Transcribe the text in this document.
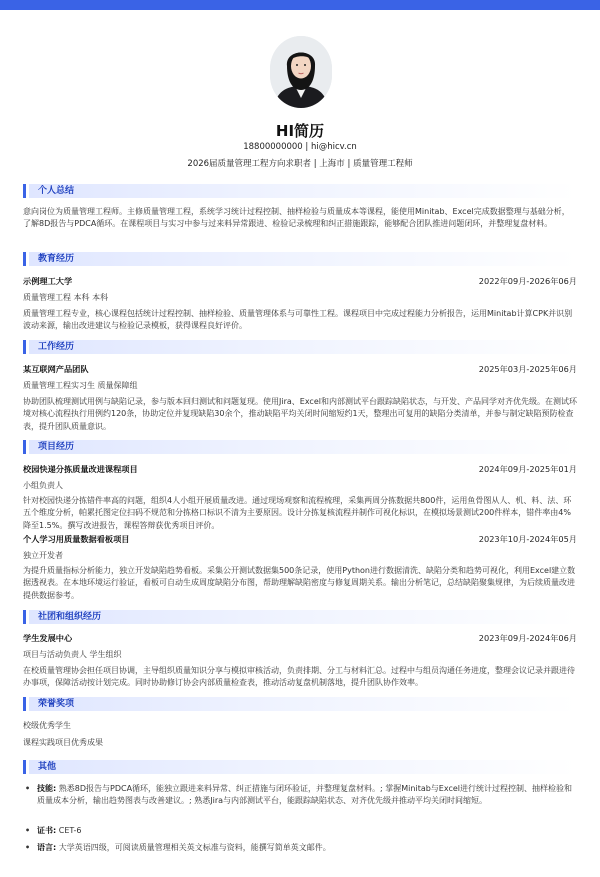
HI简历
18800000000 | hi@hicv.cn
2026届质量管理工程方向求职者 | 上海市 | 质量管理工程师
个人总结
意向岗位为质量管理工程师。主修质量管理工程，系统学习统计过程控制、抽样检验与质量成本等课程，能使用Minitab、Excel完成数据整理与基础分析，了解8D报告与PDCA循环。在课程项目与实习中参与过来料异常跟进、检验记录梳理和纠正措施跟踪，能够配合团队推进问题闭环，并整理复盘材料。
教育经历
示例理工大学	2022年09月-2026年06月
质量管理工程 本科 本科
质量管理工程专业，核心课程包括统计过程控制、抽样检验、质量管理体系与可靠性工程。课程项目中完成过程能力分析报告，运用Minitab计算CPK并识别波动来源，输出改进建议与检验记录模板，获得课程良好评价。
工作经历
某互联网产品团队	2025年03月-2025年06月
质量管理工程实习生 质量保障组
协助团队梳理测试用例与缺陷记录，参与版本回归测试和问题复现。使用Jira、Excel和内部测试平台跟踪缺陷状态，与开发、产品同学对齐优先级。在测试环境对核心流程执行用例约120条，协助定位并复现缺陷30余个，推动缺陷平均关闭时间缩短约1天，整理出可复用的缺陷分类清单，并参与制定缺陷预防检查表，提升团队质量意识。
项目经历
校园快递分拣质量改进课程项目	2024年09月-2025年01月
小组负责人
针对校园快递分拣错件率高的问题，组织4人小组开展质量改进。通过现场观察和流程梳理，采集两周分拣数据共800件，运用鱼骨图从人、机、料、法、环五个维度分析，帕累托图定位扫码不规范和分拣格口标识不清为主要原因。设计分拣复核流程并制作可视化标识，在模拟场景测试200件样本，错件率由4%降至1.5%。撰写改进报告，课程答辩获优秀项目评价。
个人学习用质量数据看板项目	2023年10月-2024年05月
独立开发者
为提升质量指标分析能力，独立开发缺陷趋势看板。采集公开测试数据集500条记录，使用Python进行数据清洗、缺陷分类和趋势可视化，利用Excel建立数据透视表。在本地环境运行验证，看板可自动生成周度缺陷分布图，帮助理解缺陷密度与修复周期关系。输出分析笔记，总结缺陷聚集规律，为后续质量改进提供数据参考。
社团和组织经历
学生发展中心	2023年09月-2024年06月
项目与活动负责人 学生组织
在校质量管理协会担任项目协调，主导组织质量知识分享与模拟审核活动，负责排期、分工与材料汇总。过程中与组员沟通任务进度，整理会议记录并跟进待办事项，保障活动按计划完成。同时协助修订协会内部质量检查表，推动活动复盘机制落地，提升团队协作效率。
荣誉奖项
校级优秀学生
课程实践项目优秀成果
其他
• 技能: 熟悉8D报告与PDCA循环，能独立跟进来料异常、纠正措施与闭环验证，并整理复盘材料。; 掌握Minitab与Excel进行统计过程控制、抽样检验和质量成本分析，输出趋势图表与改善建议。; 熟悉Jira与内部测试平台，能跟踪缺陷状态、对齐优先级并推动平均关闭时间缩短。
• 证书: CET-6
• 语言: 大学英语四级，可阅读质量管理相关英文标准与资料，能撰写简单英文邮件。
